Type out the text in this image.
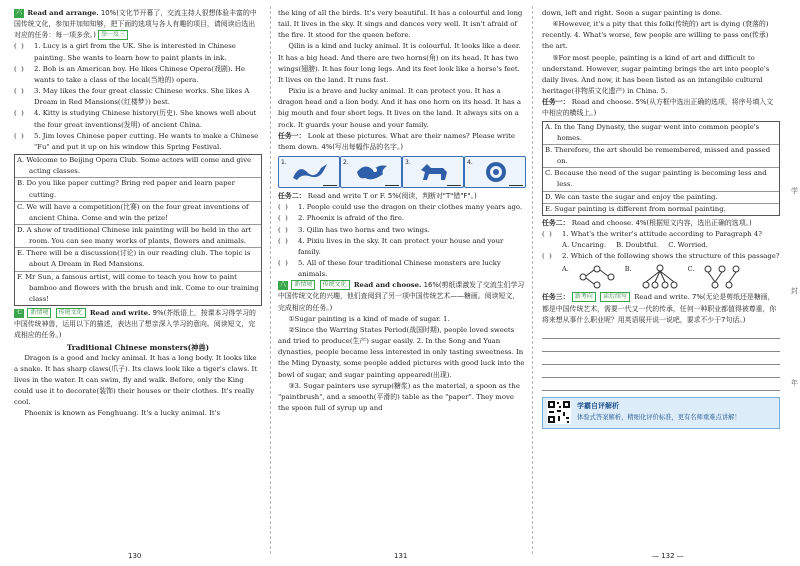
六 Read and arrange. 10%(文化节开幕了，交流主持人很想体验丰富的中国传统文化，参加并加知知够，把下面的选项与各人有趣的项目，请阅读后选出对应的任务：每一项多余。) 举一反三

(  )	1. Lucy is a girl from the UK. She is interested in Chinese painting. She wants to learn how to paint plants in ink.
(  )	2. Bob is an American boy. He likes Chinese Opera(戏剧). He wants to take a class of the local(当地的) opera.
(  )	3. May likes the four great classic Chinese works. She likes A Dream in Red Mansions(《红楼梦》) best.
(  )	4. Kitty is studying Chinese history(历史). She knows well about the four great inventions(发明) of ancient China.
(  )	5. Jim loves Chinese paper cutting. He wants to make a Chinese "Fu" and put it up on his window this Spring Festival.
A. Welcome to Beijing Opera Club. Some actors will come and give acting classes.
B. Do you like paper cutting? Bring red paper and learn paper cutting.
C. We will have a competition(比赛) on the four great inventions of ancient China. Come and win the prize!
D. A show of traditional Chinese ink painting will be held in the art room. You can see many works of plants, flowers and animals.
E. There will be a discussion(讨论) in our reading club. The topic is about A Dream in Red Mansions.
F. Mr Sun, a famous artist, will come to teach you how to paint bamboo and flowers with the brush and ink. Come to our training class!

七 新情境 传统文化 Read and write. 9%(芥纸语上，按课本习得学习的中国传统神兽，运用以下的描述，表达出了想亲深入学习的意向。阅读短文，完成相应的任务。)

Traditional Chinese monsters(神兽)

Dragon is a good and lucky animal. It has a long body. It looks like a snake. It has sharp claws(爪子). Its claws look like a tiger's claws. It lives in the water. It can swim, fly and walk. Before, only the King could use it to decorate(装饰) their houses or their clothes. It's really cool.

Phoenix is known as Fenghuang. It's a lucky animal. It's

130

the king of all the birds. It's very beautiful. It has a colourful and long tail. It lives in the sky. It sings and dances very well. It isn't afraid of the fire. It stood for the queen before.

Qilin is a kind and lucky animal. It is colourful. It looks like a deer. It has a big head. And there are two horns(角) on its head. It has two wings(翅膀). It has four long legs. And its feet look like a horse's feet. It lives on the land. It runs fast.

Pixiu is a brave and lucky animal. It can protect you. It has a dragon head and a lion body. And it has one horn on its head. It has a big mouth and four short legs. It lives on the land. It always sits on a rock. It guards your house and your family.

任务一： Look at these pictures. What are their names? Please write them down. 4%(写出每幅作品的名字。)

1.	2.	3.	4.

任务二： Read and write T or F. 5%(阅读，判断对"T"错"F"。)

(  )	1. People could use the dragon on their clothes many years ago.
(  )	2. Phoenix is afraid of the fire.
(  )	3. Qilin has two horns and two wings.
(  )	4. Pixiu lives in the sky. It can protect your house and your family.
(  )	5. All of these four traditional Chinese monsters are lucky animals.

八 新情境 传统文化 Read and choose. 16%(剪纸课激发了交流生们学习中国传统文化的兴趣，他们查阅到了另一项中国传统艺术——糖画。阅读短文，完成相应的任务。)

①Sugar painting is a kind of made of sugar. 1.

②Since the Warring States Period(战国时期), people loved sweets and tried to produce(生产) sugar easily. 2. In the Song and Yuan dynasties, people became less interested in only tasting sweetness. In the Ming Dynasty, some people added pictures with good luck into the bowl of sugar, and sugar painting appeared(出现).

③3. Sugar painters use syrup(糖浆) as the material, a spoon as the "paintbrush", and a smooth(平滑的) table as the "paper". They move the spoon full of syrup up and

131

down, left and right. Soon a sugar painting is done.

④However, it's a pity that this folk(传统的) art is dying (衰落的) recently. 4. What's worse, few people are willing to pass on(传承) the art.

⑤For most people, painting is a kind of art and difficult to understand. However, sugar painting brings the art into people's daily lives. And now, it has been listed as an intangible cultural heritage(非物质文化遗产) in China. 5.

任务一： Read and choose. 5%(从方框中选出正确的选项，将序号填入文中相应的横线上。)

A. In the Tang Dynasty, the sugar went into common people's homes.
B. Therefore, the art should be remembered, missed and passed on.
C. Because the need of the sugar painting is becoming less and less.
D. We can taste the sugar and enjoy the painting.
E. Sugar painting is different from normal painting.

任务二： Read and choose. 4%(根据短文内容，选出正确的选项。)

(  )	1. What's the writer's attitude according to Paragraph 4?
A. Uncaring. B. Doubtful. C. Worried.
(  )	2. Which of the following shows the structure of this passage?
A.	B.	C.

任务三： 新考向 读后续写 Read and write. 7%(无论是剪纸还是糖画，都是中国传统艺术，需要一代又一代的传承，任何一种职业都值得被尊重，你将来想从事什么职业呢？用英语展开说一说吧，要求不少于7句话。)

学霸自评解析
体验式答案解析，精细化评价标准，更有名师重难点讲解！
学
封
年
— 132 —
